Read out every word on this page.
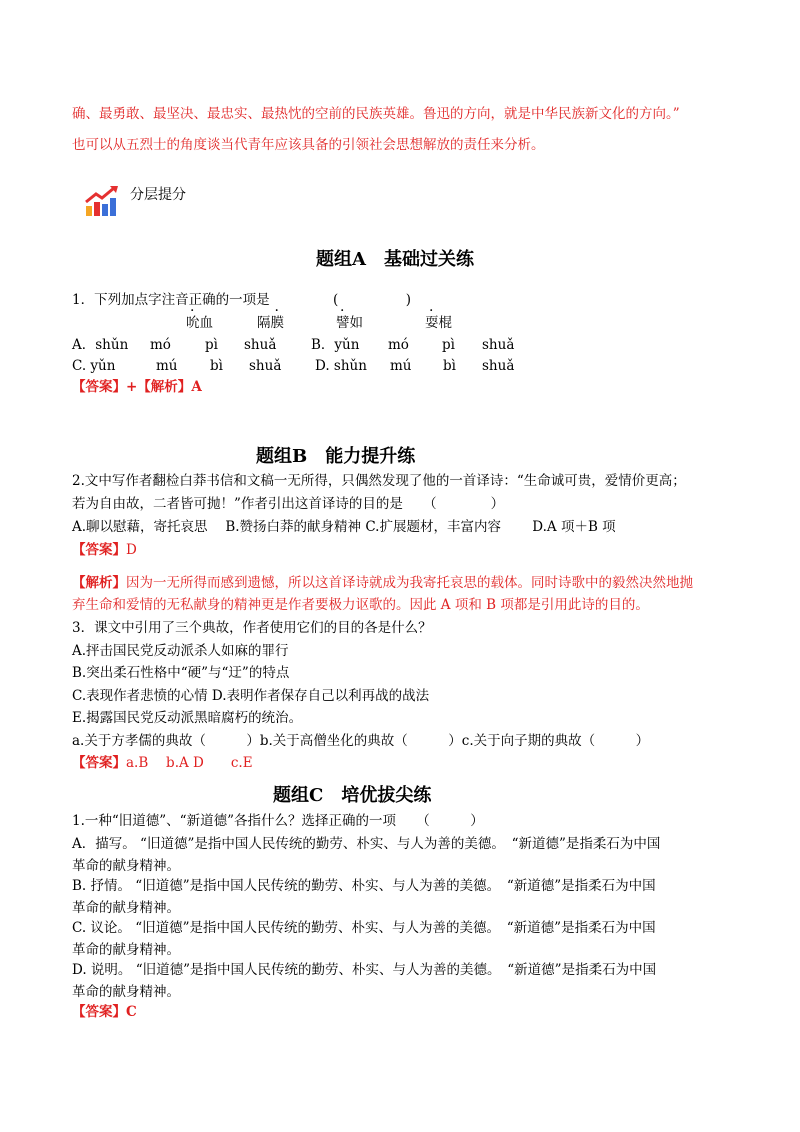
确、最勇敢、最坚决、最忠实、最热忱的空前的民族英雄。鲁迅的方向，就是中华民族新文化的方向。”
也可以从五烈士的角度谈当代青年应该具备的引领社会思想解放的责任来分析。
分层提分
题组A　基础过关练
1．下列加点字注音正确的一项是	(　　　　　)
吮血	隔膜	譬如	耍棍
A．shǔn mó	pì shuǎ	B．yǔn mó pì shuǎ
C. yǔn	mú bì shuǎ D. shǔn mú bì shuǎ
【答案】+【解析】A
题组B　能力提升练
2.文中写作者翻检白莽书信和文稿一无所得，只偶然发现了他的一首译诗：“生命诚可贵，爱情价更高；
若为自由故，二者皆可抛！”作者引出这首译诗的目的是　　（　　　　）
A.聊以慰藉，寄托哀思　 B.赞扬白莽的献身精神 C.扩展题材，丰富内容　　 D.A 项＋B 项
【答案】D
【解析】因为一无所得而感到遗憾，所以这首译诗就成为我寄托哀思的载体。同时诗歌中的毅然决然地抛
弃生命和爱情的无私献身的精神更是作者要极力讴歌的。因此 A 项和 B 项都是引用此诗的目的。
3．课文中引用了三个典故，作者使用它们的目的各是什么？
A.抨击国民党反动派杀人如麻的罪行
B.突出柔石性格中“硬”与“迂”的特点
C.表现作者悲愤的心情 D.表明作者保存自己以利再战的战法
E.揭露国民党反动派黑暗腐朽的统治。
a.关于方孝儒的典故（　　　）b.关于高僧坐化的典故（　　　）c.关于向子期的典故（　　　）
【答案】a.B　 b.A D　　c.E
题组C　培优拔尖练
1.一种“旧道德”、“新道德”各指什么？选择正确的一项　　（　　　）
A．描写。 “旧道德”是指中国人民传统的勤劳、朴实、与人为善的美德。　“新道德”是指柔石为中国
革命的献身精神。
B. 抒情。 “旧道德”是指中国人民传统的勤劳、朴实、与人为善的美德。　“新道德”是指柔石为中国
革命的献身精神。
C. 议论。 “旧道德”是指中国人民传统的勤劳、朴实、与人为善的美德。　“新道德”是指柔石为中国
革命的献身精神。
D. 说明。 “旧道德”是指中国人民传统的勤劳、朴实、与人为善的美德。　“新道德”是指柔石为中国
革命的献身精神。
【答案】C
